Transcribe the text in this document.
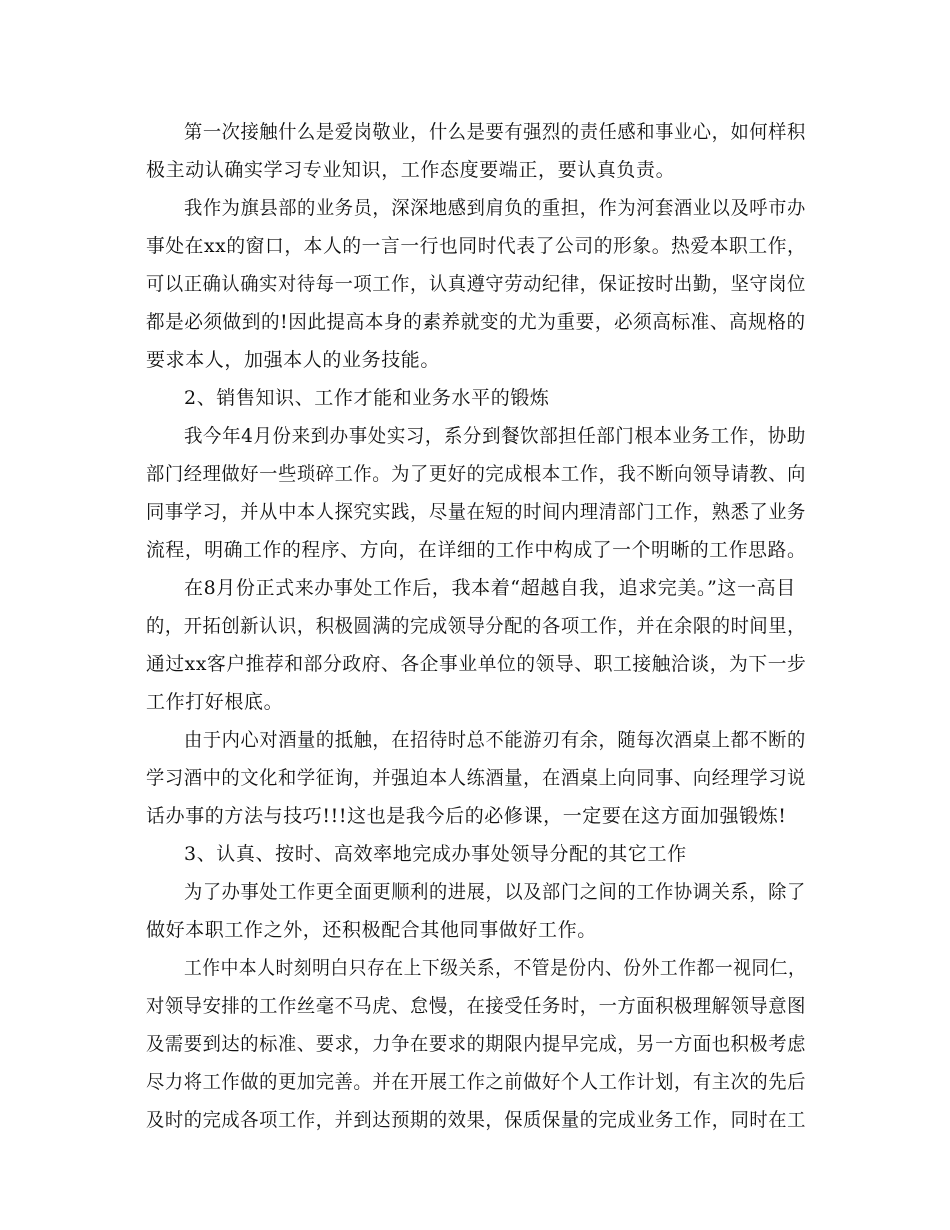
第一次接触什么是爱岗敬业，什么是要有强烈的责任感和事业心，如何样积

极主动认确实学习专业知识，工作态度要端正，要认真负责。

我作为旗县部的业务员，深深地感到肩负的重担，作为河套酒业以及呼市办

事处在xx的窗口，本人的一言一行也同时代表了公司的形象。热爱本职工作，

可以正确认确实对待每一项工作，认真遵守劳动纪律，保证按时出勤，坚守岗位

都是必须做到的!因此提高本身的素养就变的尤为重要，必须高标准、高规格的

要求本人，加强本人的业务技能。

2、销售知识、工作才能和业务水平的锻炼

我今年4月份来到办事处实习，系分到餐饮部担任部门根本业务工作，协助

部门经理做好一些琐碎工作。为了更好的完成根本工作，我不断向领导请教、向

同事学习，并从中本人探究实践，尽量在短的时间内理清部门工作，熟悉了业务

流程，明确工作的程序、方向，在详细的工作中构成了一个明晰的工作思路。

在8月份正式来办事处工作后，我本着“超越自我，追求完美。”这一高目

的，开拓创新认识，积极圆满的完成领导分配的各项工作，并在余限的时间里，

通过xx客户推荐和部分政府、各企事业单位的领导、职工接触洽谈，为下一步

工作打好根底。

由于内心对酒量的抵触，在招待时总不能游刃有余，随每次酒桌上都不断的

学习酒中的文化和学征询，并强迫本人练酒量，在酒桌上向同事、向经理学习说

话办事的方法与技巧!!!这也是我今后的必修课，一定要在这方面加强锻炼!

3、认真、按时、高效率地完成办事处领导分配的其它工作

为了办事处工作更全面更顺利的进展，以及部门之间的工作协调关系，除了

做好本职工作之外，还积极配合其他同事做好工作。

工作中本人时刻明白只存在上下级关系，不管是份内、份外工作都一视同仁，

对领导安排的工作丝毫不马虎、怠慢，在接受任务时，一方面积极理解领导意图

及需要到达的标准、要求，力争在要求的期限内提早完成，另一方面也积极考虑

尽力将工作做的更加完善。并在开展工作之前做好个人工作计划，有主次的先后

及时的完成各项工作，并到达预期的效果，保质保量的完成业务工作，同时在工
